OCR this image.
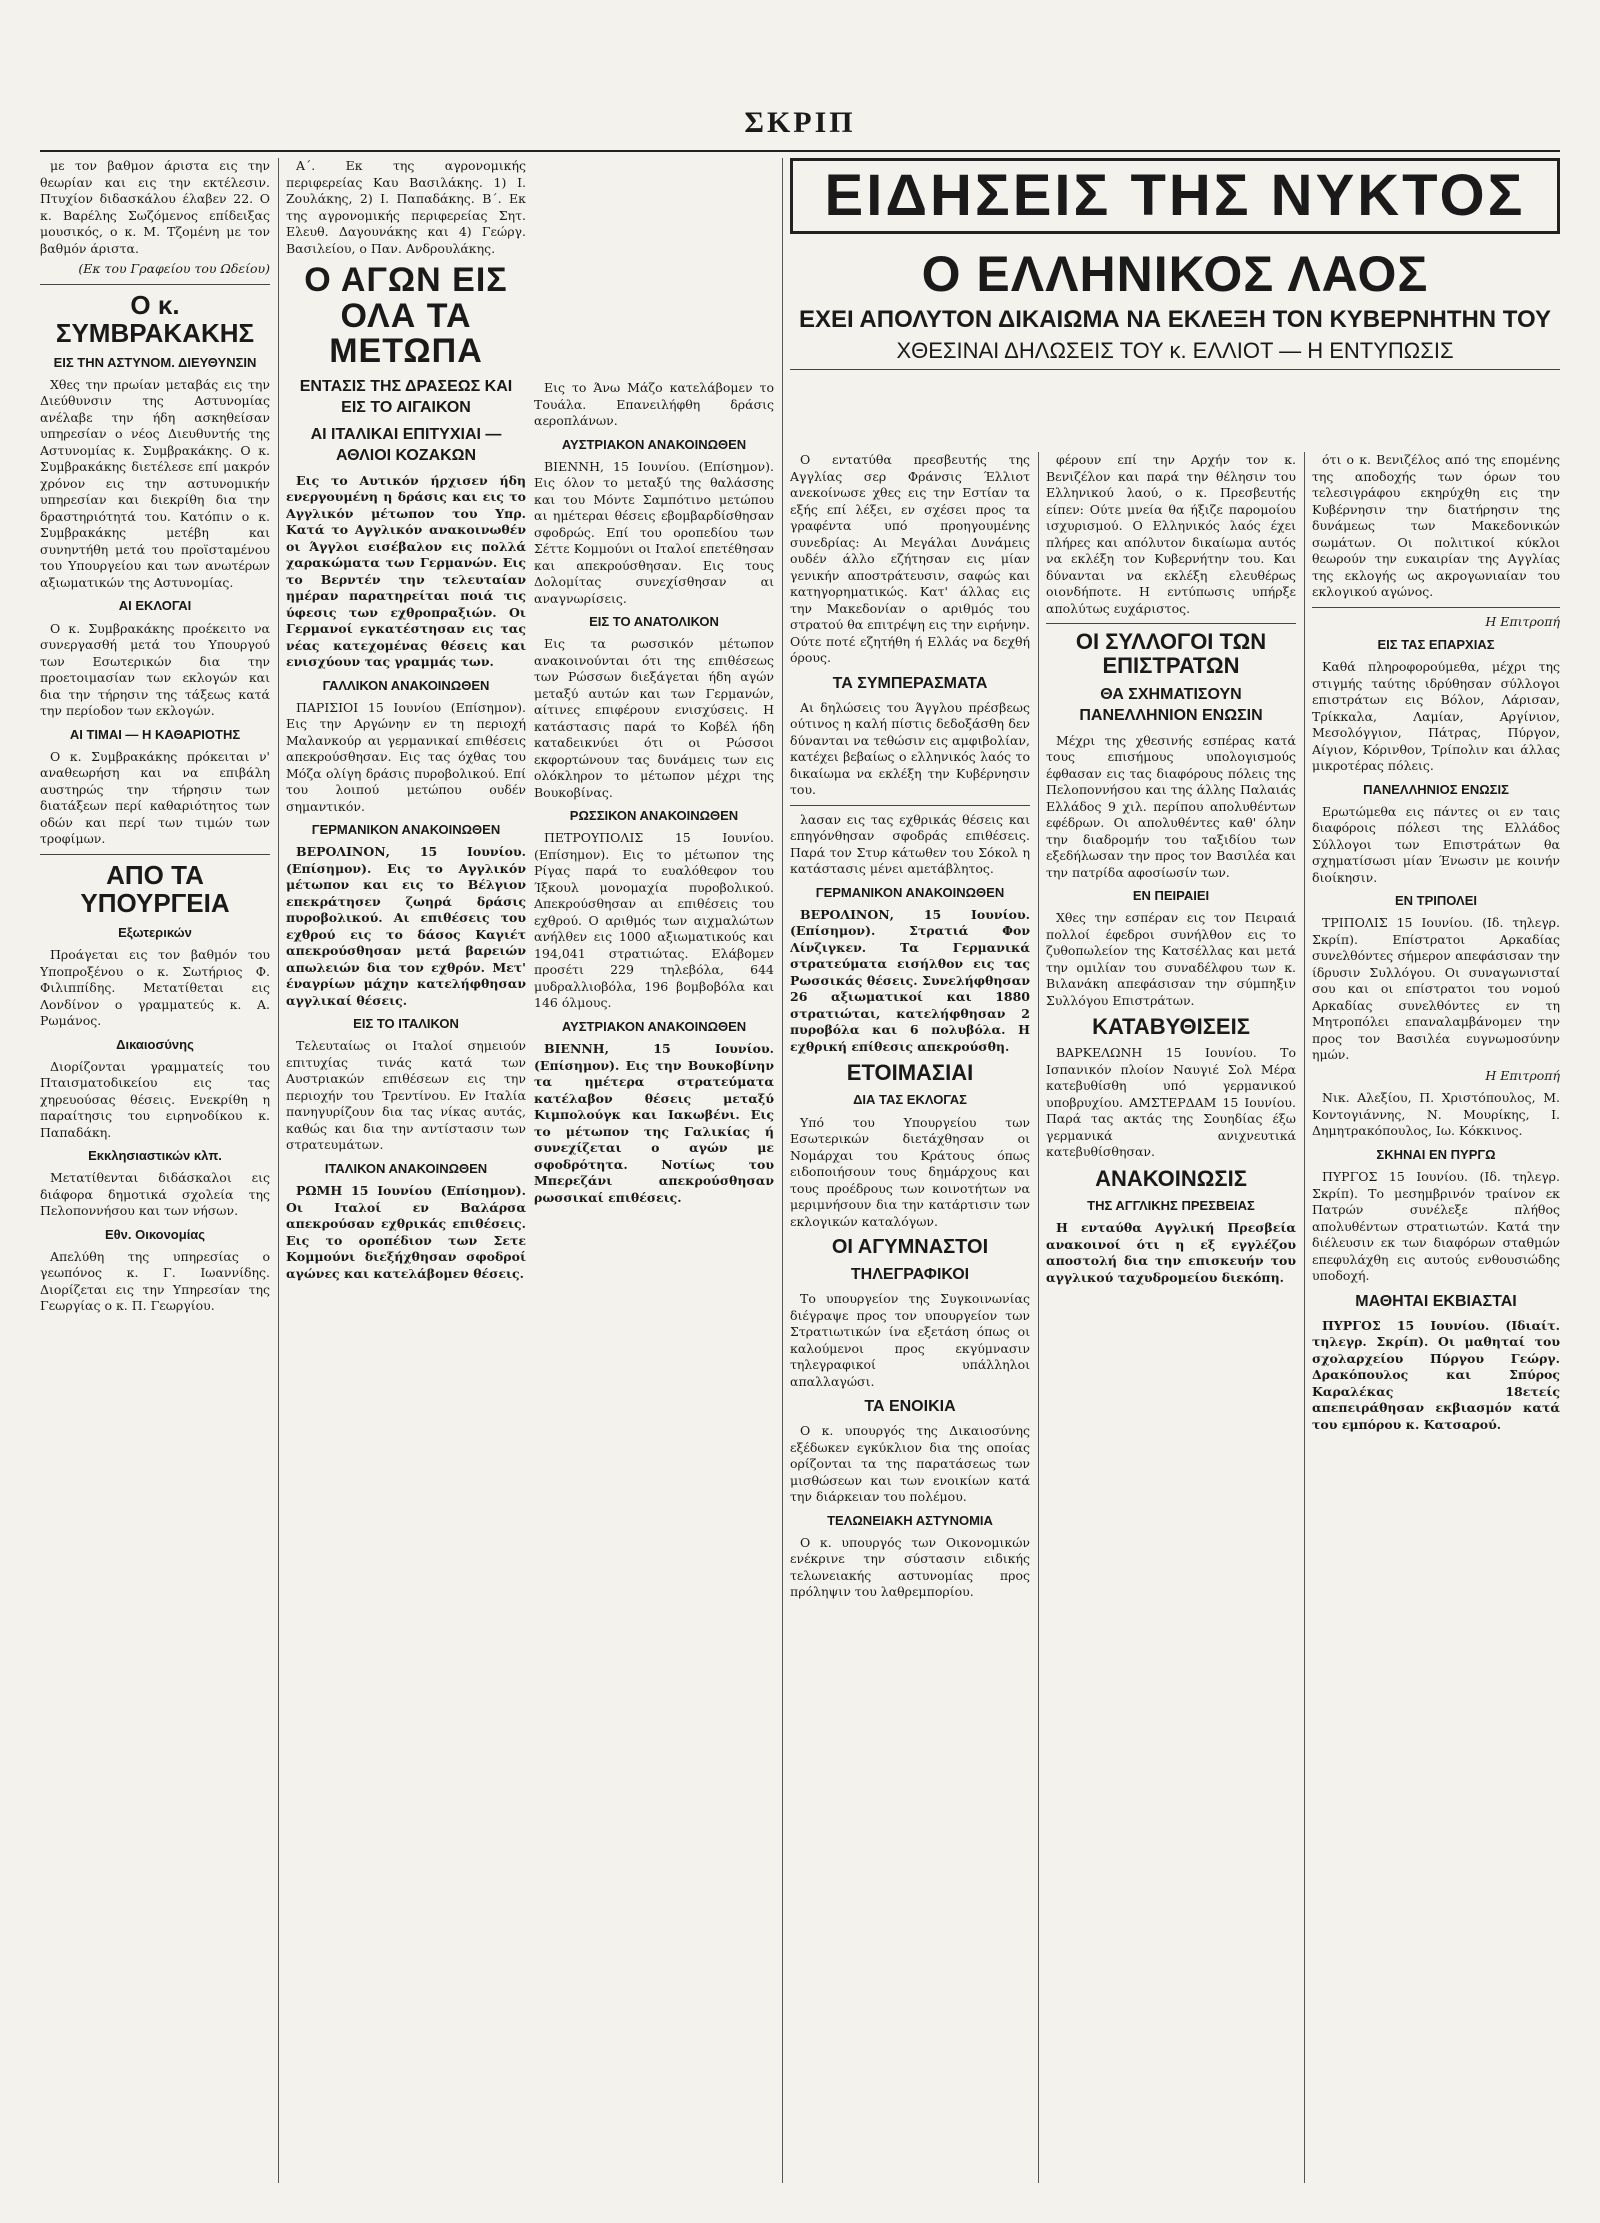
ΣΚΡΙΠ

με τον βαθμον άριστα εις την θεωρίαν και εις την εκτέλεσιν. Πτυχίον διδασκάλου έλαβεν 22. Ο κ. Βαρέλης Σωζόμενος επίδειξας μουσικός, ο κ. Μ. Τζομένη με τον βαθμόν άριστα.

(Εκ του Γραφείου του Ωδείου)
Ο κ. ΣΥΜΒΡΑΚΑΚΗΣ
ΕΙΣ ΤΗΝ ΑΣΤΥΝΟΜ. ΔΙΕΥΘΥΝΣΙΝ

Χθες την πρωίαν μεταβάς εις την Διεύθυνσιν της Αστυνομίας ανέλαβε την ήδη ασκηθείσαν υπηρεσίαν ο νέος Διευθυντής της Αστυνομίας κ. Συμβρακάκης. Ο κ. Συμβρακάκης διετέλεσε επί μακρόν χρόνον εις την αστυνομικήν υπηρεσίαν και διεκρίθη δια την δραστηριότητά του. Κατόπιν ο κ. Συμβρακάκης μετέβη και συνηντήθη μετά του προϊσταμένου του Υπουργείου και των ανωτέρων αξιωματικών της Αστυνομίας.

ΑΙ ΕΚΛΟΓΑΙ

Ο κ. Συμβρακάκης προέκειτο να συνεργασθή μετά του Υπουργού των Εσωτερικών δια την προετοιμασίαν των εκλογών και δια την τήρησιν της τάξεως κατά την περίοδον των εκλογών.

ΑΙ ΤΙΜΑΙ — Η ΚΑΘΑΡΙΟΤΗΣ

Ο κ. Συμβρακάκης πρόκειται ν' αναθεωρήση και να επιβάλη αυστηρώς την τήρησιν των διατάξεων περί καθαριότητος των οδών και περί των τιμών των τροφίμων.

ΑΠΟ ΤΑ ΥΠΟΥΡΓΕΙΑ
Εξωτερικών

Προάγεται εις τον βαθμόν του Υποπροξένου ο κ. Σωτήριος Φ. Φιλιππίδης. Μετατίθεται εις Λονδίνον ο γραμματεύς κ. Α. Ρωμάνος.

Δικαιοσύνης

Διορίζονται γραμματείς του Πταισματοδικείου εις τας χηρευούσας θέσεις. Ενεκρίθη η παραίτησις του ειρηνοδίκου κ. Παπαδάκη.

Εκκλησιαστικών κλπ.

Μετατίθενται διδάσκαλοι εις διάφορα δημοτικά σχολεία της Πελοποννήσου και των νήσων.

Εθν. Οικονομίας

Απελύθη της υπηρεσίας ο γεωπόνος κ. Γ. Ιωαννίδης. Διορίζεται εις την Υπηρεσίαν της Γεωργίας ο κ. Π. Γεωργίου.

Α΄. Εκ της αγρονομικής περιφερείας Καυ Βασιλάκης. 1) Ι. Ζουλάκης, 2) Ι. Παπαδάκης. Β΄. Εκ της αγρονομικής περιφερείας Σητ. Ελευθ. Δαγουνάκης και 4) Γεώργ. Βασιλείου, ο Παν. Ανδρουλάκης.

Ο ΑΓΩΝ ΕΙΣ ΟΛΑ ΤΑ ΜΕΤΩΠΑ
ΕΝΤΑΣΙΣ ΤΗΣ ΔΡΑΣΕΩΣ ΚΑΙ ΕΙΣ ΤΟ ΑΙΓΑΙΚΟΝ
ΑΙ ΙΤΑΛΙΚΑΙ ΕΠΙΤΥΧΙΑΙ — ΑΘΛΙΟΙ ΚΟΖΑΚΩΝ

Εις το Αυτικόν ήρχισεν ήδη ενεργουμένη η δράσις και εις το Αγγλικόν μέτωπον του Υπρ. Κατά το Αγγλικόν ανακοινωθέν οι Άγγλοι εισέβαλον εις πολλά χαρακώματα των Γερμανών. Εις το Βερντέν την τελευταίαν ημέραν παρατηρείται ποιά τις ύφεσις των εχθροπραξιών. Οι Γερμανοί εγκατέστησαν εις τας νέας κατεχομένας θέσεις και ενισχύουν τας γραμμάς των.

ΓΑΛΛΙΚΟΝ ΑΝΑΚΟΙΝΩΘΕΝ

ΠΑΡΙΣΙΟΙ 15 Ιουνίου (Επίσημον). Εις την Αργώνην εν τη περιοχή Μαλανκούρ αι γερμανικαί επιθέσεις απεκρούσθησαν. Εις τας όχθας του Μόζα ολίγη δράσις πυροβολικού. Επί του λοιπού μετώπου ουδέν σημαντικόν.

ΓΕΡΜΑΝΙΚΟΝ ΑΝΑΚΟΙΝΩΘΕΝ

ΒΕΡΟΛΙΝΟΝ, 15 Ιουνίου. (Επίσημον). Εις το Αγγλικόν μέτωπον και εις το Βέλγιον επεκράτησεν ζωηρά δράσις πυροβολικού. Αι επιθέσεις του εχθρού εις το δάσος Καγιέτ απεκρούσθησαν μετά βαρειών απωλειών δια τον εχθρόν. Μετ' έναγρίων μάχην κατελήφθησαν αγγλικαί θέσεις.

ΕΙΣ ΤΟ ΙΤΑΛΙΚΟΝ

Τελευταίως οι Ιταλοί σημειούν επιτυχίας τινάς κατά των Αυστριακών επιθέσεων εις την περιοχήν του Τρεντίνου. Εν Ιταλία πανηγυρίζουν δια τας νίκας αυτάς, καθώς και δια την αντίστασιν των στρατευμάτων.

ΙΤΑΛΙΚΟΝ ΑΝΑΚΟΙΝΩΘΕΝ

ΡΩΜΗ 15 Ιουνίου (Επίσημον). Οι Ιταλοί εν Βαλάρσα απεκρούσαν εχθρικάς επιθέσεις. Εις το οροπέδιον των Σετε Κομμούνι διεξήχθησαν σφοδροί αγώνες και κατελάβομεν θέσεις.

Εις το Άνω Μάζο κατελάβομεν το Τουάλα. Επανειλήφθη δράσις αεροπλάνων.

ΑΥΣΤΡΙΑΚΟΝ ΑΝΑΚΟΙΝΩΘΕΝ

ΒΙΕΝΝΗ, 15 Ιουνίου. (Επίσημον). Εις όλον το μεταξύ της θαλάσσης και του Μόντε Σαμπότινο μετώπου αι ημέτεραι θέσεις εβομβαρδίσθησαν σφοδρώς. Επί του οροπεδίου των Σέττε Κομμούνι οι Ιταλοί επετέθησαν και απεκρούσθησαν. Εις τους Δολομίτας συνεχίσθησαν αι αναγνωρίσεις.

ΕΙΣ ΤΟ ΑΝΑΤΟΛΙΚΟΝ

Εις τα ρωσσικόν μέτωπον ανακοινούνται ότι της επιθέσεως των Ρώσσων διεξάγεται ήδη αγών μεταξύ αυτών και των Γερμανών, αίτινες επιφέρουν ενισχύσεις. Η κατάστασις παρά το Κοβέλ ήδη καταδεικνύει ότι οι Ρώσσοι εκφορτώνουν τας δυνάμεις των εις ολόκληρον το μέτωπον μέχρι της Βουκοβίνας.

ΡΩΣΣΙΚΟΝ ΑΝΑΚΟΙΝΩΘΕΝ

ΠΕΤΡΟΥΠΟΛΙΣ 15 Ιουνίου. (Επίσημον). Εις το μέτωπον της Ρίγας παρά το ευαλόθεφον του Ίξκουλ μονομαχία πυροβολικού. Απεκρούσθησαν αι επιθέσεις του εχθρού. Ο αριθμός των αιχμαλώτων ανήλθεν εις 1000 αξιωματικούς και 194,041 στρατιώτας. Ελάβομεν προσέτι 229 τηλεβόλα, 644 μυδραλλιοβόλα, 196 βομβοβόλα και 146 όλμους.

ΑΥΣΤΡΙΑΚΟΝ ΑΝΑΚΟΙΝΩΘΕΝ

ΒΙΕΝΝΗ, 15 Ιουνίου. (Επίσημον). Εις την Βουκοβίνην τα ημέτερα στρατεύματα κατέλαβον θέσεις μεταξύ Κιμπολούγκ και Ιακωβένι. Εις το μέτωπον της Γαλικίας ή συνεχίζεται ο αγών με σφοδρότητα. Νοτίως του Μπερεζάνι απεκρούσθησαν ρωσσικαί επιθέσεις.

ΕΙΔΗΣΕΙΣ ΤΗΣ ΝΥΚΤΟΣ
Ο ΕΛΛΗΝΙΚΟΣ ΛΑΟΣ
ΕΧΕΙ ΑΠΟΛΥΤΟΝ ΔΙΚΑΙΩΜΑ ΝΑ ΕΚΛΕΞΗ ΤΟΝ ΚΥΒΕΡΝΗΤΗΝ ΤΟΥ
ΧΘΕΣΙΝΑΙ ΔΗΛΩΣΕΙΣ ΤΟΥ κ. ΕΛΛΙΟΤ — Η ΕΝΤΥΠΩΣΙΣ

Ο εντατύθα πρεσβευτής της Αγγλίας σερ Φράνσις Έλλιοτ ανεκοίνωσε χθες εις την Εστίαν τα εξής επί λέξει, εν σχέσει προς τα γραφέντα υπό προηγουμένης συνεδρίας: Αι Μεγάλαι Δυνάμεις ουδέν άλλο εζήτησαν εις μίαν γενικήν αποστράτευσιν, σαφώς και κατηγορηματικώς. Κατ' άλλας εις την Μακεδονίαν ο αριθμός του στρατού θα επιτρέψη εις την ειρήνην. Ούτε ποτέ εζητήθη ή Ελλάς να δεχθή όρους.

ΤΑ ΣΥΜΠΕΡΑΣΜΑΤΑ

Αι δηλώσεις του Άγγλου πρέσβεως ούτινος η καλή πίστις δεδοξάσθη δεν δύνανται να τεθώσιν εις αμφιβολίαν, κατέχει βεβαίως ο ελληνικός λαός το δικαίωμα να εκλέξη την Κυβέρνησιν του.

λασαν εις τας εχθρικάς θέσεις και επηγόνθησαν σφοδράς επιθέσεις. Παρά τον Στυρ κάτωθεν του Σόκολ η κατάστασις μένει αμετάβλητος.

ΓΕΡΜΑΝΙΚΟΝ ΑΝΑΚΟΙΝΩΘΕΝ

ΒΕΡΟΛΙΝΟΝ, 15 Ιουνίου. (Επίσημον). Στρατιά Φον Λίνζιγκεν. Τα Γερμανικά στρατεύματα εισήλθον εις τας Ρωσσικάς θέσεις. Συνελήφθησαν 26 αξιωματικοί και 1880 στρατιώται, κατελήφθησαν 2 πυροβόλα και 6 πολυβόλα. Η εχθρική επίθεσις απεκρούσθη.

ΕΤΟΙΜΑΣΙΑΙ
ΔΙΑ ΤΑΣ ΕΚΛΟΓΑΣ

Υπό του Υπουργείου των Εσωτερικών διετάχθησαν οι Νομάρχαι του Κράτους όπως ειδοποιήσουν τους δημάρχους και τους προέδρους των κοινοτήτων να μεριμνήσουν δια την κατάρτισιν των εκλογικών καταλόγων.

ΟΙ ΑΓΥΜΝΑΣΤΟΙ
ΤΗΛΕΓΡΑΦΙΚΟΙ

Το υπουργείον της Συγκοινωνίας διέγραψε προς τον υπουργείον των Στρατιωτικών ίνα εξετάση όπως οι καλούμενοι προς εκγύμνασιν τηλεγραφικοί υπάλληλοι απαλλαγώσι.

ΤΑ ΕΝΟΙΚΙΑ

Ο κ. υπουργός της Δικαιοσύνης εξέδωκεν εγκύκλιον δια της οποίας ορίζονται τα της παρατάσεως των μισθώσεων και των ενοικίων κατά την διάρκειαν του πολέμου.

ΤΕΛΩΝΕΙΑΚΗ ΑΣΤΥΝΟΜΙΑ

Ο κ. υπουργός των Οικονομικών ενέκρινε την σύστασιν ειδικής τελωνειακής αστυνομίας προς πρόληψιν του λαθρεμπορίου.

φέρουν επί την Αρχήν τον κ. Βενιζέλον και παρά την θέλησιν του Ελληνικού λαού, ο κ. Πρεσβευτής είπεν: Ούτε μνεία θα ήξιζε παρομοίου ισχυρισμού. Ο Ελληνικός λαός έχει πλήρες και απόλυτον δικαίωμα αυτός να εκλέξη τον Κυβερνήτην του. Και δύνανται να εκλέξη ελευθέρως οιονδήποτε. Η εντύπωσις υπήρξε απολύτως ευχάριστος.

ΟΙ ΣΥΛΛΟΓΟΙ ΤΩΝ ΕΠΙΣΤΡΑΤΩΝ
ΘΑ ΣΧΗΜΑΤΙΣΟΥΝ ΠΑΝΕΛΛΗΝΙΟΝ ΕΝΩΣΙΝ

Μέχρι της χθεσινής εσπέρας κατά τους επισήμους υπολογισμούς έφθασαν εις τας διαφόρους πόλεις της Πελοποννήσου και της άλλης Παλαιάς Ελλάδος 9 χιλ. περίπου απολυθέντων εφέδρων. Οι απολυθέντες καθ' όλην την διαδρομήν του ταξιδίου των εξεδήλωσαν την προς τον Βασιλέα και την πατρίδα αφοσίωσίν των.

ΕΝ ΠΕΙΡΑΙΕΙ

Χθες την εσπέραν εις τον Πειραιά πολλοί έφεδροι συνήλθον εις το ζυθοπωλείον της Κατσέλλας και μετά την ομιλίαν του συναδέλφου των κ. Βιλανάκη απεφάσισαν την σύμπηξιν Συλλόγου Επιστράτων.

ΚΑΤΑΒΥΘΙΣΕΙΣ

ΒΑΡΚΕΛΩΝΗ 15 Ιουνίου. Το Ισπανικόν πλοίον Ναυγιέ Σολ Μέρα κατεβυθίσθη υπό γερμανικού υποβρυχίου. ΑΜΣΤΕΡΔΑΜ 15 Ιουνίου. Παρά τας ακτάς της Σουηδίας έξω γερμανικά ανιχνευτικά κατεβυθίσθησαν.

ΑΝΑΚΟΙΝΩΣΙΣ
ΤΗΣ ΑΓΓΛΙΚΗΣ ΠΡΕΣΒΕΙΑΣ

Η ενταύθα Αγγλική Πρεσβεία ανακοινοί ότι η εξ εγγλέζου αποστολή δια την επισκευήν του αγγλικού ταχυδρομείου διεκόπη.

ότι ο κ. Βενιζέλος από της επομένης της αποδοχής των όρων του τελεσιγράφου εκηρύχθη εις την Κυβέρνησιν την διατήρησιν της δυνάμεως των Μακεδονικών σωμάτων. Οι πολιτικοί κύκλοι θεωρούν την ευκαιρίαν της Αγγλίας της εκλογής ως ακρογωνιαίαν του εκλογικού αγώνος.

Η Επιτροπή
ΕΙΣ ΤΑΣ ΕΠΑΡΧΙΑΣ

Καθά πληροφορούμεθα, μέχρι της στιγμής ταύτης ιδρύθησαν σύλλογοι επιστράτων εις Βόλον, Λάρισαν, Τρίκκαλα, Λαμίαν, Αργίνιον, Μεσολόγγιον, Πάτρας, Πύργον, Αίγιον, Κόρινθον, Τρίπολιν και άλλας μικροτέρας πόλεις.

ΠΑΝΕΛΛΗΝΙΟΣ ΕΝΩΣΙΣ

Ερωτώμεθα εις πάντες οι εν ταις διαφόροις πόλεσι της Ελλάδος Σύλλογοι των Επιστράτων θα σχηματίσωσι μίαν Ένωσιν με κοινήν διοίκησιν.

ΕΝ ΤΡΙΠΟΛΕΙ

ΤΡΙΠΟΛΙΣ 15 Ιουνίου. (Ιδ. τηλεγρ. Σκρίπ). Επίστρατοι Αρκαδίας συνελθόντες σήμερον απεφάσισαν την ίδρυσιν Συλλόγου. Οι συναγωνισταί σου και οι επίστρατοι του νομού Αρκαδίας συνελθόντες εν τη Μητροπόλει επαναλαμβάνομεν την προς τον Βασιλέα ευγνωμοσύνην ημών.

Η Επιτροπή

Νικ. Αλεξίου, Π. Χριστόπουλος, Μ. Κοντογιάννης, Ν. Μουρίκης, Ι. Δημητρακόπουλος, Ιω. Κόκκινος.

ΣΚΗΝΑΙ ΕΝ ΠΥΡΓΩ

ΠΥΡΓΟΣ 15 Ιουνίου. (Ιδ. τηλεγρ. Σκρίπ). Το μεσημβρινόν τραίνον εκ Πατρών συνέλεξε πλήθος απολυθέντων στρατιωτών. Κατά την διέλευσιν εκ των διαφόρων σταθμών επεφυλάχθη εις αυτούς ενθουσιώδης υποδοχή.

ΜΑΘΗΤΑΙ ΕΚΒΙΑΣΤΑΙ

ΠΥΡΓΟΣ 15 Ιουνίου. (Ιδιαίτ. τηλεγρ. Σκρίπ). Οι μαθηταί του σχολαρχείου Πύργου Γεώργ. Δρακόπουλος και Σπύρος Καραλέκας 18ετείς απεπειράθησαν εκβιασμόν κατά του εμπόρου κ. Κατσαρού.
